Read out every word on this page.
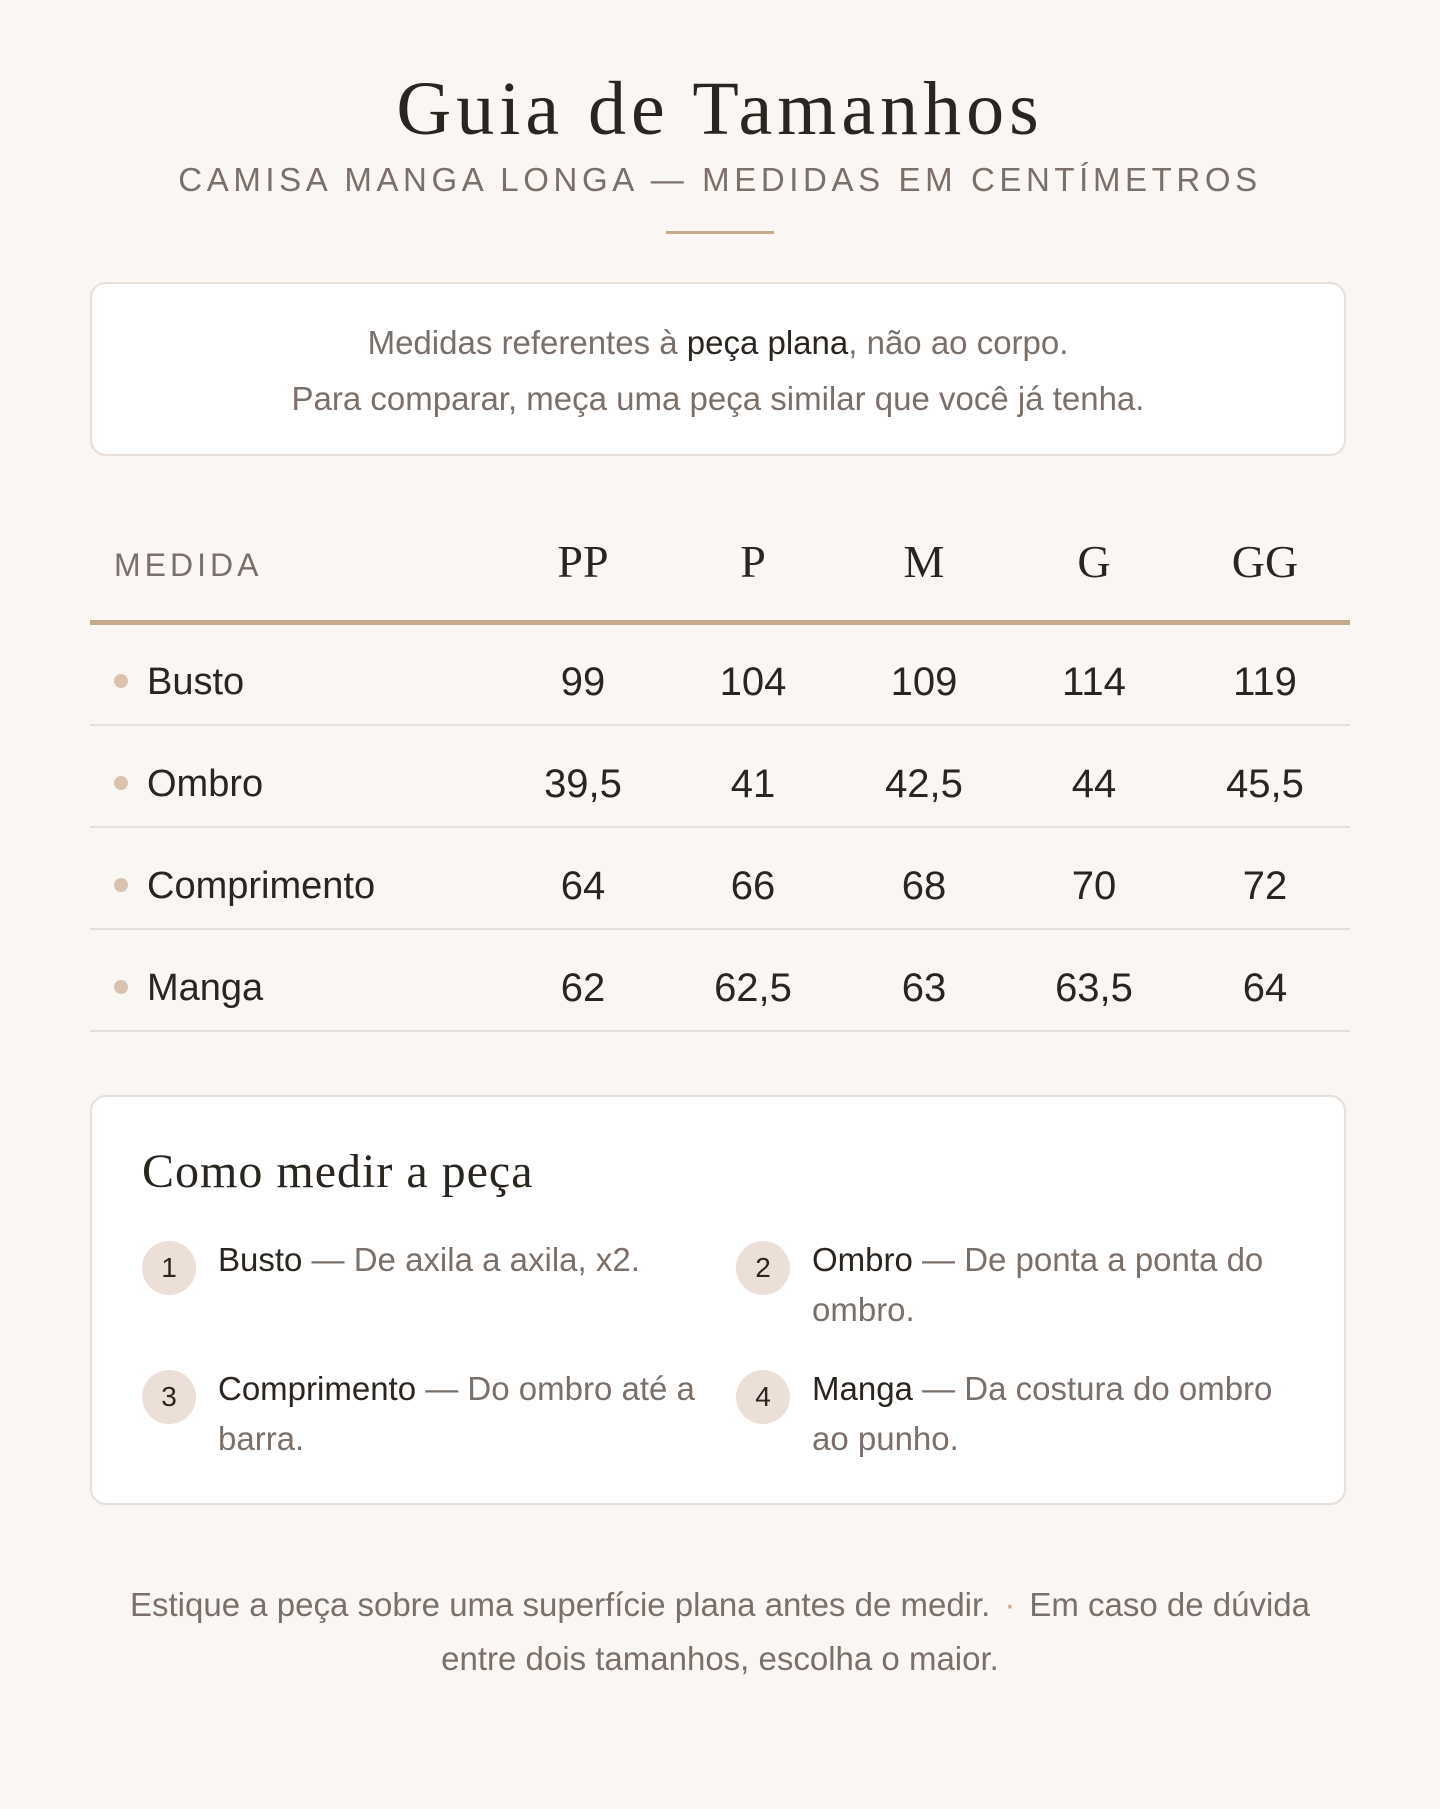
Guia de Tamanhos
CAMISA MANGA LONGA — MEDIDAS EM CENTÍMETROS
Medidas referentes à peça plana, não ao corpo.
Para comparar, meça uma peça similar que você já tenha.
MEDIDA	PP	P	M	G	GG
Busto	99	104	109	114	119
Ombro	39,5	41	42,5	44	45,5
Comprimento	64	66	68	70	72
Manga	62	62,5	63	63,5	64
Como medir a peça
1	Busto — De axila a axila, x2.	2	Ombro — De ponta a ponta do ombro.
3	Comprimento — Do ombro até a barra.
4	Manga — Da costura do ombro ao punho.
Estique a peça sobre uma superfície plana antes de medir. · Em caso de dúvida entre dois tamanhos, escolha o maior.
